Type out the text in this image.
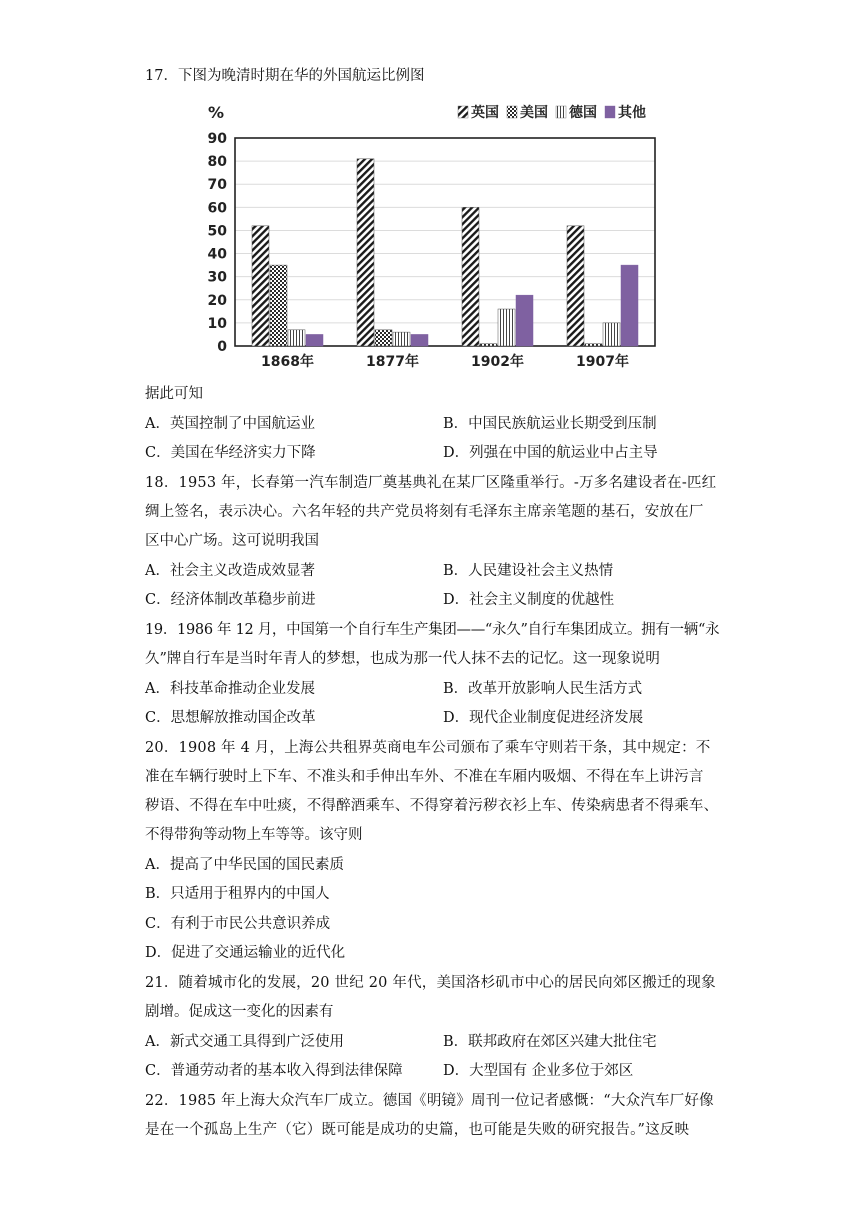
17．下图为晚清时期在华的外国航运比例图
0
10
20
30
40
50
60
70
80
90
%
1868年	1877年	1902年	1907年
英国 美国 德国 其他
据此可知
A．英国控制了中国航运业	B．中国民族航运业长期受到压制
C．美国在华经济实力下降	D．列强在中国的航运业中占主导
18．1953 年，长春第一汽车制造厂奠基典礼在某厂区隆重举行。-万多名建设者在-匹红
绸上签名，表示决心。六名年轻的共产党员将刻有毛泽东主席亲笔题的基石，安放在厂
区中心广场。这可说明我国
A．社会主义改造成效显著	B．人民建设社会主义热情
C．经济体制改革稳步前进	D．社会主义制度的优越性
19．1986 年 12 月，中国第一个自行车生产集团——“永久”自行车集团成立。拥有一辆“永
久”牌自行车是当时年青人的梦想，也成为那一代人抹不去的记忆。这一现象说明
A．科技革命推动企业发展	B．改革开放影响人民生活方式
C．思想解放推动国企改革	D．现代企业制度促进经济发展
20．1908 年 4 月，上海公共租界英商电车公司颁布了乘车守则若干条，其中规定：不
准在车辆行驶时上下车、不准头和手伸出车外、不准在车厢内吸烟、不得在车上讲污言
秽语、不得在车中吐痰，不得醉酒乘车、不得穿着污秽衣衫上车、传染病患者不得乘车、
不得带狗等动物上车等等。该守则
A．提高了中华民国的国民素质
B．只适用于租界内的中国人
C．有利于市民公共意识养成
D．促进了交通运输业的近代化
21．随着城市化的发展，20 世纪 20 年代，美国洛杉矶市中心的居民向郊区搬迁的现象
剧增。促成这一变化的因素有
A．新式交通工具得到广泛使用	B．联邦政府在郊区兴建大批住宅
C．普通劳动者的基本收入得到法律保障	D．大型国有 企业多位于郊区
22．1985 年上海大众汽车厂成立。德国《明镜》周刊一位记者感慨：“大众汽车厂好像
是在一个孤岛上生产（它）既可能是成功的史篇，也可能是失败的研究报告。”这反映
